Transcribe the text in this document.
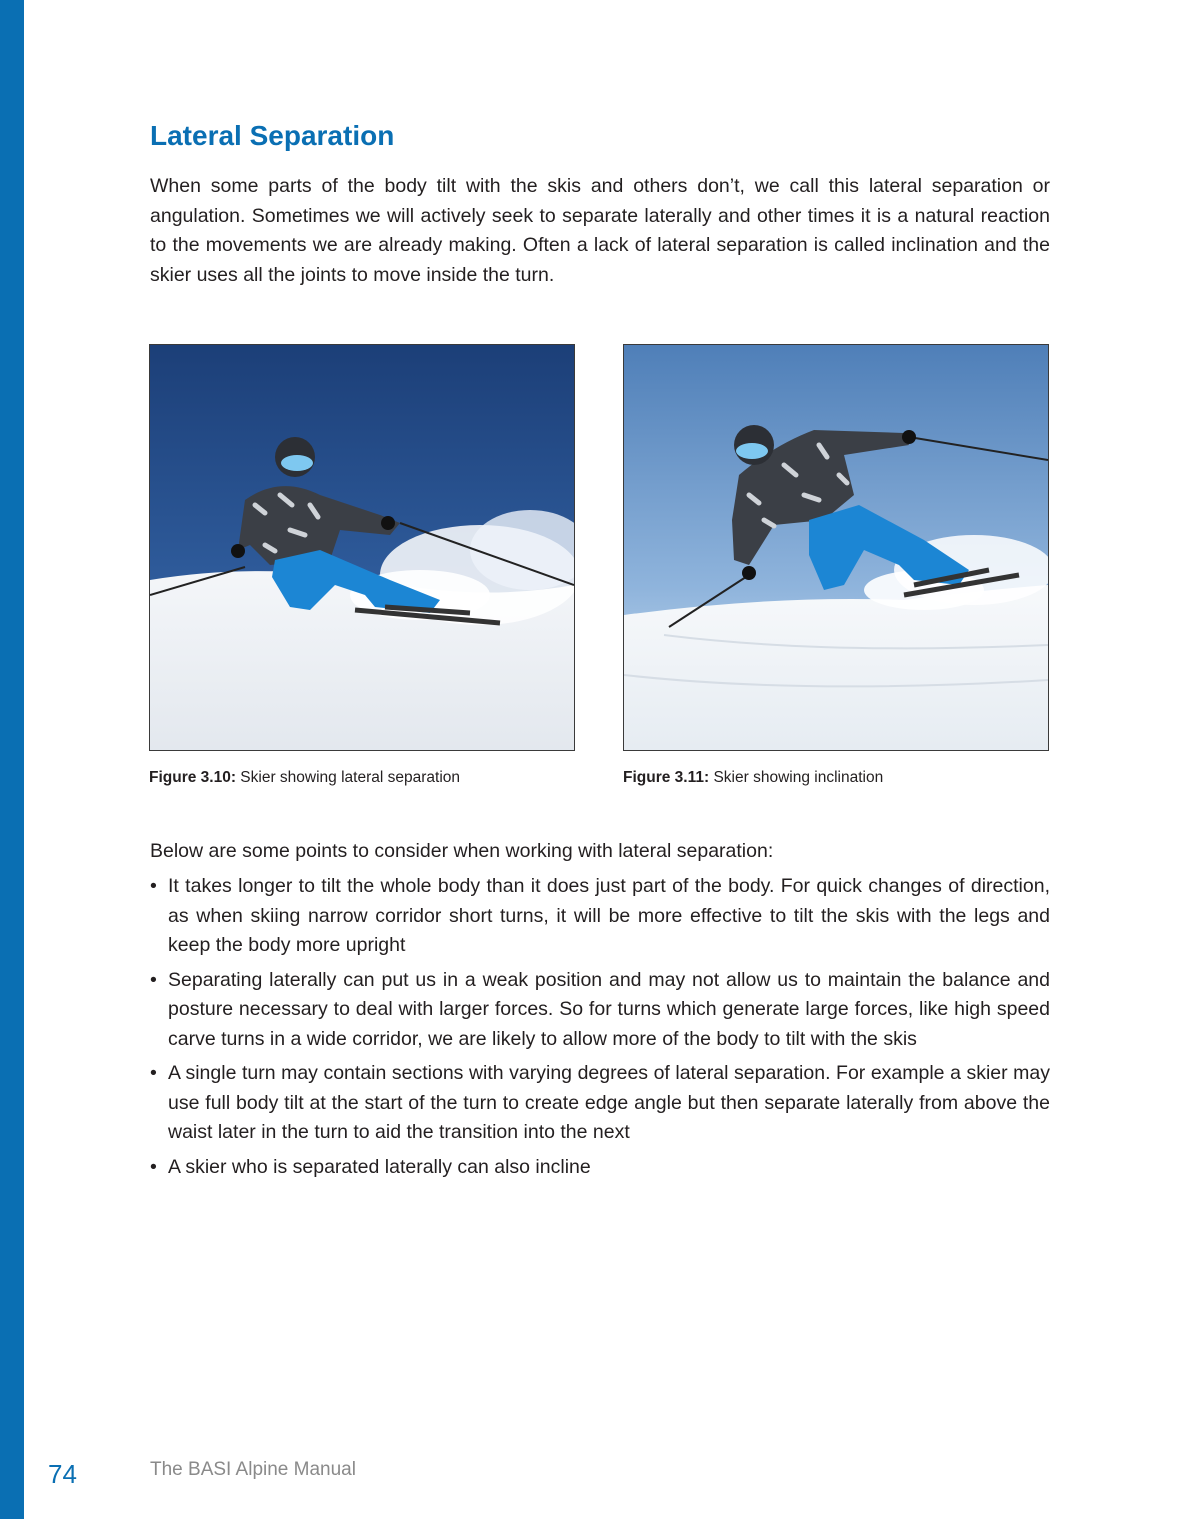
Lateral Separation

When some parts of the body tilt with the skis and others don’t, we call this lateral separation or angulation. Sometimes we will actively seek to separate laterally and other times it is a natural reaction to the movements we are already making. Often a lack of lateral separation is called inclination and the skier uses all the joints to move inside the turn.

Figure 3.10: Skier showing lateral separation	Figure 3.11: Skier showing inclination

Below are some points to consider when working with lateral separation:

• It takes longer to tilt the whole body than it does just part of the body. For quick changes of direction, as when skiing narrow corridor short turns, it will be more effective to tilt the skis with the legs and keep the body more upright
• Separating laterally can put us in a weak position and may not allow us to maintain the balance and posture necessary to deal with larger forces. So for turns which generate large forces, like high speed carve turns in a wide corridor, we are likely to allow more of the body to tilt with the skis
• A single turn may contain sections with varying degrees of lateral separation. For example a skier may use full body tilt at the start of the turn to create edge angle but then separate laterally from above the waist later in the turn to aid the transition into the next
• A skier who is separated laterally can also incline
74	The BASI Alpine Manual
